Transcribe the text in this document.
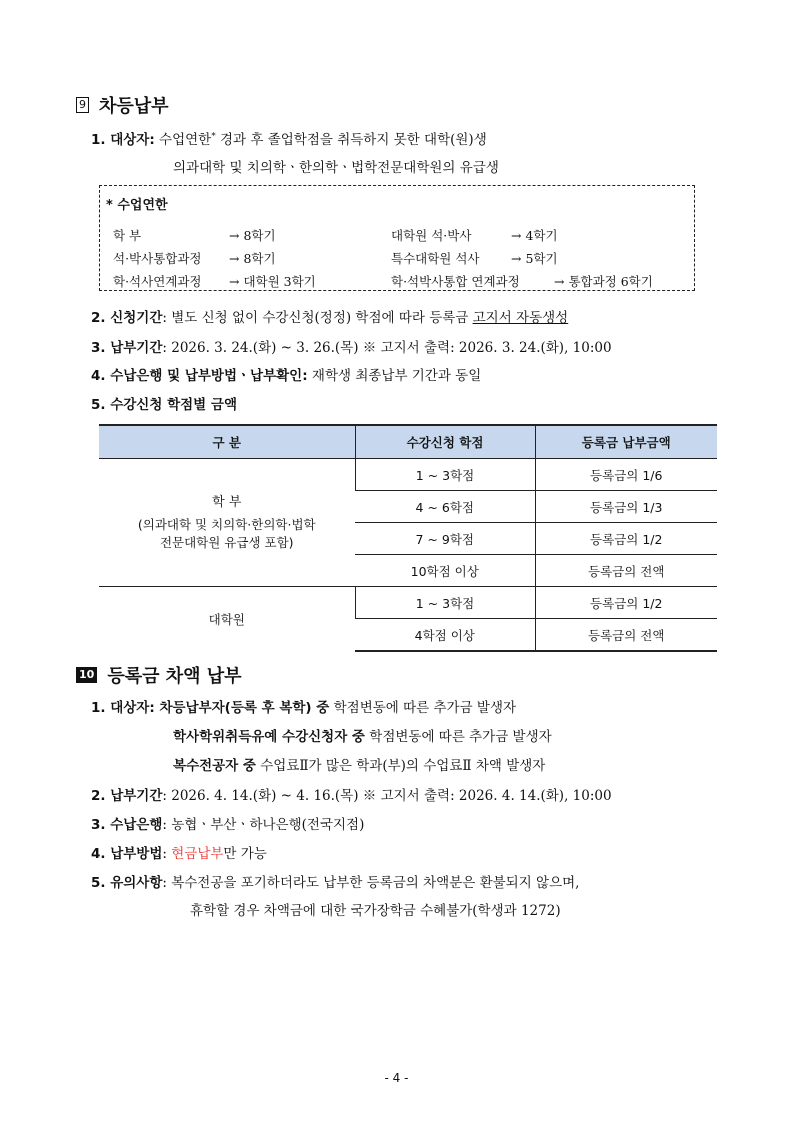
9 차등납부
1. 대상자: 수업연한* 경과 후 졸업학점을 취득하지 못한 대학(원)생
의과대학 및 치의학ㆍ한의학ㆍ법학전문대학원의 유급생
* 수업연한
학 부	→ 8학기	대학원 석·박사	→ 4학기
석·박사통합과정 → 8학기	특수대학원 석사	→ 5학기
학·석사연계과정 → 대학원 3학기	학·석박사통합 연계과정	→ 통합과정 6학기
2. 신청기간: 별도 신청 없이 수강신청(정정) 학점에 따라 등록금 고지서 자동생성
3. 납부기간: 2026. 3. 24.(화) ~ 3. 26.(목) ※ 고지서 출력: 2026. 3. 24.(화), 10:00
4. 수납은행 및 납부방법ㆍ납부확인: 재학생 최종납부 기간과 동일
5. 수강신청 학점별 금액
구 분	수강신청 학점	등록금 납부금액

학 부
(의과대학 및 치의학·한의학·법학
전문대학원 유급생 포함)	1 ~ 3학점	등록금의 1/6
	4 ~ 6학점	등록금의 1/3
	7 ~ 9학점	등록금의 1/2
	10학점 이상	등록금의 전액
대학원	1 ~ 3학점	등록금의 1/2
	4학점 이상	등록금의 전액
10 등록금 차액 납부
1. 대상자: 차등납부자(등록 후 복학) 중 학점변동에 따른 추가금 발생자
학사학위취득유예 수강신청자 중 학점변동에 따른 추가금 발생자
복수전공자 중 수업료Ⅱ가 많은 학과(부)의 수업료Ⅱ 차액 발생자
2. 납부기간: 2026. 4. 14.(화) ~ 4. 16.(목) ※ 고지서 출력: 2026. 4. 14.(화), 10:00
3. 수납은행: 농협ㆍ부산ㆍ하나은행(전국지점)
4. 납부방법: 현금납부만 가능
5. 유의사항: 복수전공을 포기하더라도 납부한 등록금의 차액분은 환불되지 않으며,
휴학할 경우 차액금에 대한 국가장학금 수혜불가(학생과 1272)
- 4 -
